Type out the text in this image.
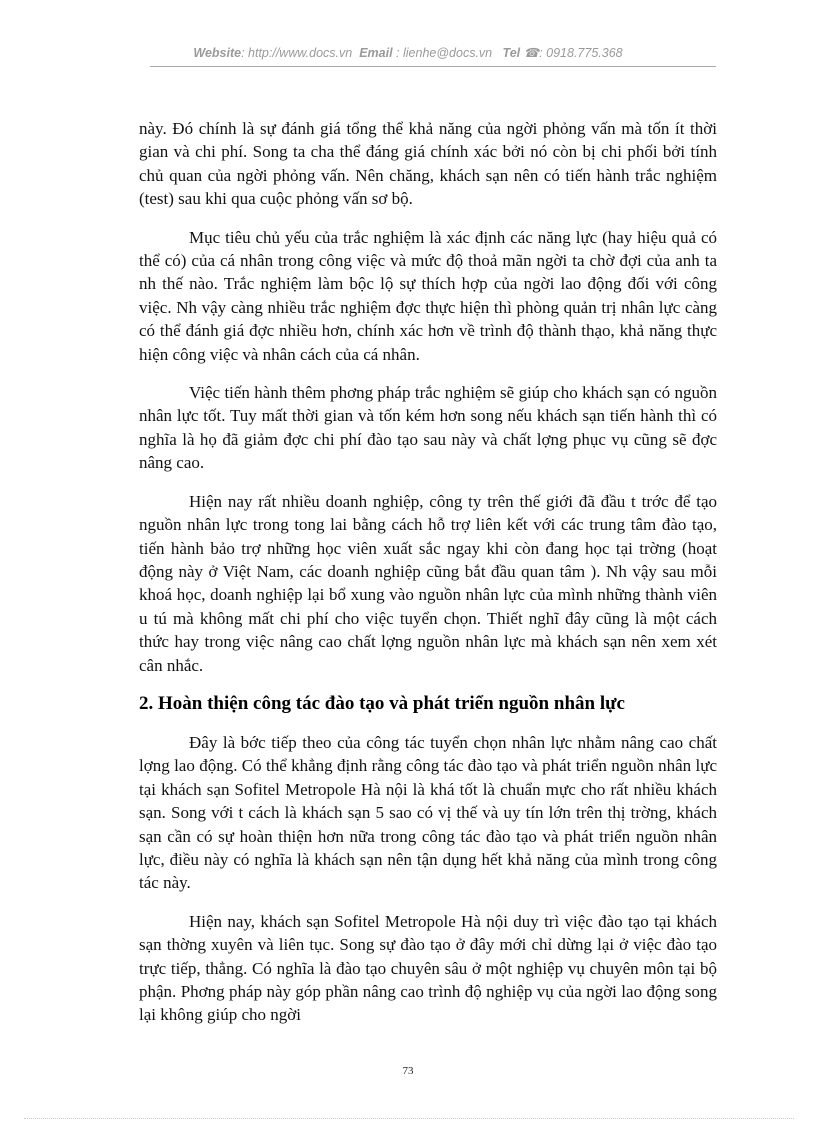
Website: http://www.docs.vn Email : lienhe@docs.vn Tel ☎: 0918.775.368

này. Đó chính là sự đánh giá tổng thể khả năng của ngời phỏng vấn mà tốn ít thời gian và chi phí. Song ta cha thể đáng giá chính xác bởi nó còn bị chi phối bởi tính chủ quan của ngời phỏng vấn. Nên chăng, khách sạn nên có tiến hành trắc nghiệm (test) sau khi qua cuộc phỏng vấn sơ bộ.

Mục tiêu chủ yếu của trắc nghiệm là xác định các năng lực (hay hiệu quả có thể có) của cá nhân trong công việc và mức độ thoả mãn ngời ta chờ đợi của anh ta nh thế nào. Trắc nghiệm làm bộc lộ sự thích hợp của ngời lao động đối với công việc. Nh vậy càng nhiều trắc nghiệm đợc thực hiện thì phòng quản trị nhân lực càng có thể đánh giá đợc nhiều hơn, chính xác hơn về trình độ thành thạo, khả năng thực hiện công việc và nhân cách của cá nhân.

Việc tiến hành thêm phơng pháp trắc nghiệm sẽ giúp cho khách sạn có nguồn nhân lực tốt. Tuy mất thời gian và tốn kém hơn song nếu khách sạn tiến hành thì có nghĩa là họ đã giảm đợc chi phí đào tạo sau này và chất lợng phục vụ cũng sẽ đợc nâng cao.

Hiện nay rất nhiều doanh nghiệp, công ty trên thế giới đã đầu t trớc để tạo nguồn nhân lực trong tong lai bằng cách hỗ trợ liên kết với các trung tâm đào tạo, tiến hành bảo trợ những học viên xuất sắc ngay khi còn đang học tại trờng (hoạt động này ở Việt Nam, các doanh nghiệp cũng bắt đầu quan tâm ). Nh vậy sau mỗi khoá học, doanh nghiệp lại bổ xung vào nguồn nhân lực của mình những thành viên u tú mà không mất chi phí cho việc tuyển chọn. Thiết nghĩ đây cũng là một cách thức hay trong việc nâng cao chất lợng nguồn nhân lực mà khách sạn nên xem xét cân nhắc.

2. Hoàn thiện công tác đào tạo và phát triển nguồn nhân lực

Đây là bớc tiếp theo của công tác tuyển chọn nhân lực nhằm nâng cao chất lợng lao động. Có thể khẳng định rằng công tác đào tạo và phát triển nguồn nhân lực tại khách sạn Sofitel Metropole Hà nội là khá tốt là chuẩn mực cho rất nhiều khách sạn. Song với t cách là khách sạn 5 sao có vị thế và uy tín lớn trên thị trờng, khách sạn cần có sự hoàn thiện hơn nữa trong công tác đào tạo và phát triển nguồn nhân lực, điều này có nghĩa là khách sạn nên tận dụng hết khả năng của mình trong công tác này.

Hiện nay, khách sạn Sofitel Metropole Hà nội duy trì việc đào tạo tại khách sạn thờng xuyên và liên tục. Song sự đào tạo ở đây mới chỉ dừng lại ở việc đào tạo trực tiếp, thẳng. Có nghĩa là đào tạo chuyên sâu ở một nghiệp vụ chuyên môn tại bộ phận. Phơng pháp này góp phần nâng cao trình độ nghiệp vụ của ngời lao động song lại không giúp cho ngời

73
